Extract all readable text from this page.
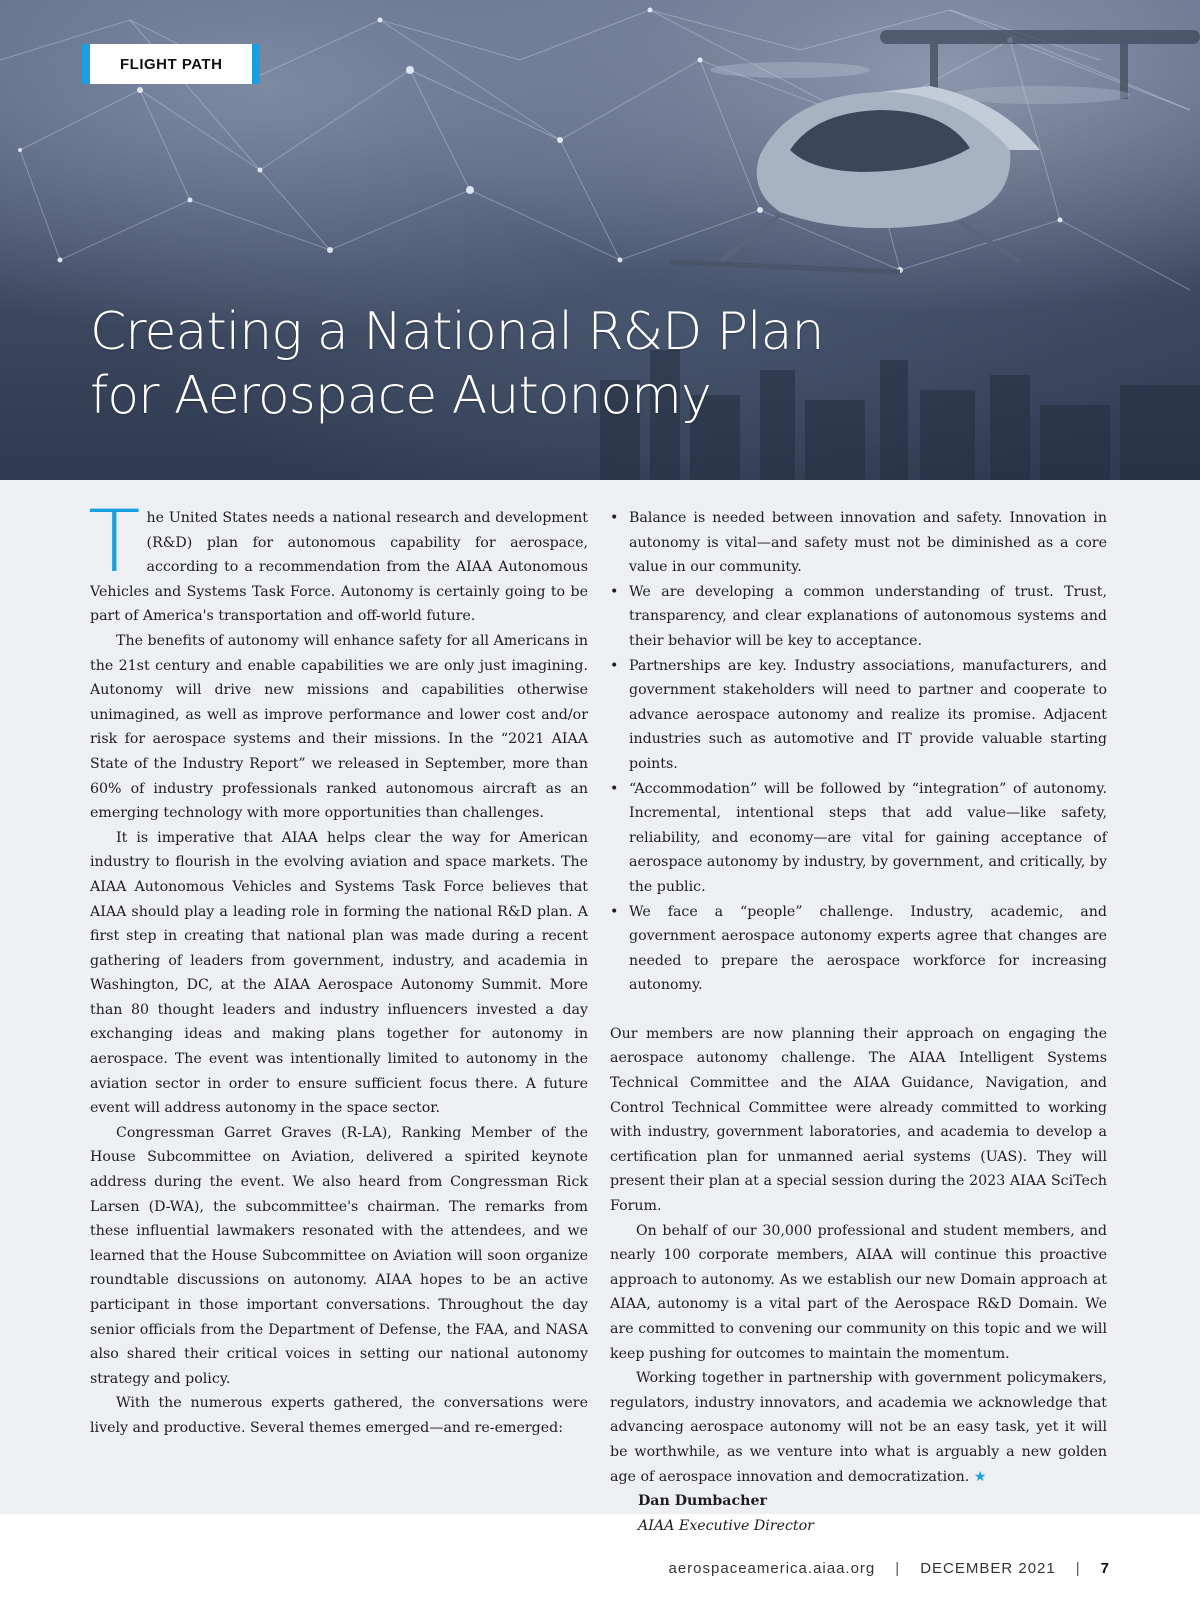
FLIGHT PATH
Creating a National R&D Plan
for Aerospace Autonomy

The United States needs a national research and development (R&D) plan for autonomous capability for aerospace, according to a recommendation from the AIAA Autonomous Vehicles and Systems Task Force. Autonomy is certainly going to be part of America's transportation and off-world future.

The benefits of autonomy will enhance safety for all Americans in the 21st century and enable capabilities we are only just imagining. Autonomy will drive new missions and capabilities otherwise unimagined, as well as improve performance and lower cost and/or risk for aerospace systems and their missions. In the “2021 AIAA State of the Industry Report” we released in September, more than 60% of industry professionals ranked autonomous aircraft as an emerging technology with more opportunities than challenges.

It is imperative that AIAA helps clear the way for American industry to flourish in the evolving aviation and space markets. The AIAA Autonomous Vehicles and Systems Task Force believes that AIAA should play a leading role in forming the national R&D plan. A first step in creating that national plan was made during a recent gathering of leaders from government, industry, and academia in Washington, DC, at the AIAA Aerospace Autonomy Summit. More than 80 thought leaders and industry influencers invested a day exchanging ideas and making plans together for autonomy in aerospace. The event was intentionally limited to autonomy in the aviation sector in order to ensure sufficient focus there. A future event will address autonomy in the space sector.

Congressman Garret Graves (R-LA), Ranking Member of the House Subcommittee on Aviation, delivered a spirited keynote address during the event. We also heard from Congressman Rick Larsen (D-WA), the subcommittee's chairman. The remarks from these influential lawmakers resonated with the attendees, and we learned that the House Subcommittee on Aviation will soon organize roundtable discussions on autonomy. AIAA hopes to be an active participant in those important conversations. Throughout the day senior officials from the Department of Defense, the FAA, and NASA also shared their critical voices in setting our national autonomy strategy and policy.

With the numerous experts gathered, the conversations were lively and productive. Several themes emerged—and re-emerged:

• Balance is needed between innovation and safety. Innovation in autonomy is vital—and safety must not be diminished as a core value in our community.
• We are developing a common understanding of trust. Trust, transparency, and clear explanations of autonomous systems and their behavior will be key to acceptance.
• Partnerships are key. Industry associations, manufacturers, and government stakeholders will need to partner and cooperate to advance aerospace autonomy and realize its promise. Adjacent industries such as automotive and IT provide valuable starting points.
• “Accommodation” will be followed by “integration” of autonomy. Incremental, intentional steps that add value—like safety, reliability, and economy—are vital for gaining acceptance of aerospace autonomy by industry, by government, and critically, by the public.
• We face a “people” challenge. Industry, academic, and government aerospace autonomy experts agree that changes are needed to prepare the aerospace workforce for increasing autonomy.

Our members are now planning their approach on engaging the aerospace autonomy challenge. The AIAA Intelligent Systems Technical Committee and the AIAA Guidance, Navigation, and Control Technical Committee were already committed to working with industry, government laboratories, and academia to develop a certification plan for unmanned aerial systems (UAS). They will present their plan at a special session during the 2023 AIAA SciTech Forum.

On behalf of our 30,000 professional and student members, and nearly 100 corporate members, AIAA will continue this proactive approach to autonomy. As we establish our new Domain approach at AIAA, autonomy is a vital part of the Aerospace R&D Domain. We are committed to convening our community on this topic and we will keep pushing for outcomes to maintain the momentum.

Working together in partnership with government policymakers, regulators, industry innovators, and academia we acknowledge that advancing aerospace autonomy will not be an easy task, yet it will be worthwhile, as we venture into what is arguably a new golden age of aerospace innovation and democratization. ★

Dan Dumbacher

AIAA Executive Director

aerospaceamerica.aiaa.org | DECEMBER 2021 | 7
